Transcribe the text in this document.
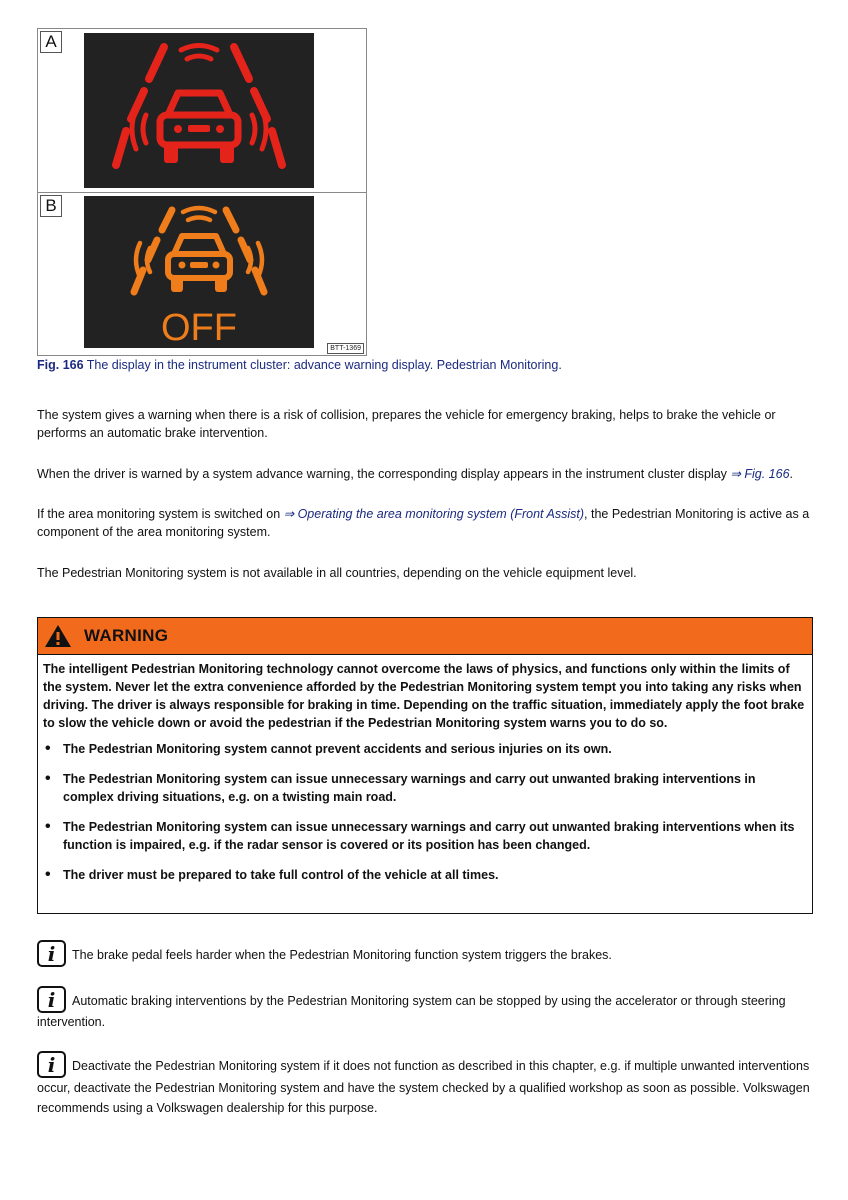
A
B
OFF	BTT-1369
Fig. 166 The display in the instrument cluster: advance warning display. Pedestrian Monitoring.

The system gives a warning when there is a risk of collision, prepares the vehicle for emergency braking, helps to brake the vehicle or performs an automatic brake intervention.

When the driver is warned by a system advance warning, the corresponding display appears in the instrument cluster display ⇒ Fig. 166.

If the area monitoring system is switched on ⇒ Operating the area monitoring system (Front Assist), the Pedestrian Monitoring is active as a component of the area monitoring system.

The Pedestrian Monitoring system is not available in all countries, depending on the vehicle equipment level.

WARNING

The intelligent Pedestrian Monitoring technology cannot overcome the laws of physics, and functions only within the limits of the system. Never let the extra convenience afforded by the Pedestrian Monitoring system tempt you into taking any risks when driving. The driver is always responsible for braking in time. Depending on the traffic situation, immediately apply the foot brake to slow the vehicle down or avoid the pedestrian if the Pedestrian Monitoring system warns you to do so.

• The Pedestrian Monitoring system cannot prevent accidents and serious injuries on its own.
• The Pedestrian Monitoring system can issue unnecessary warnings and carry out unwanted braking interventions in complex driving situations, e.g. on a twisting main road.
• The Pedestrian Monitoring system can issue unnecessary warnings and carry out unwanted braking interventions when its function is impaired, e.g. if the radar sensor is covered or its position has been changed.
• The driver must be prepared to take full control of the vehicle at all times.

i	The brake pedal feels harder when the Pedestrian Monitoring function system triggers the brakes.

i	Automatic braking interventions by the Pedestrian Monitoring system can be stopped by using the accelerator or through steering intervention.

i	Deactivate the Pedestrian Monitoring system if it does not function as described in this chapter, e.g. if multiple unwanted interventions occur, deactivate the Pedestrian Monitoring system and have the system checked by a qualified workshop as soon as possible. Volkswagen recommends using a Volkswagen dealership for this purpose.
